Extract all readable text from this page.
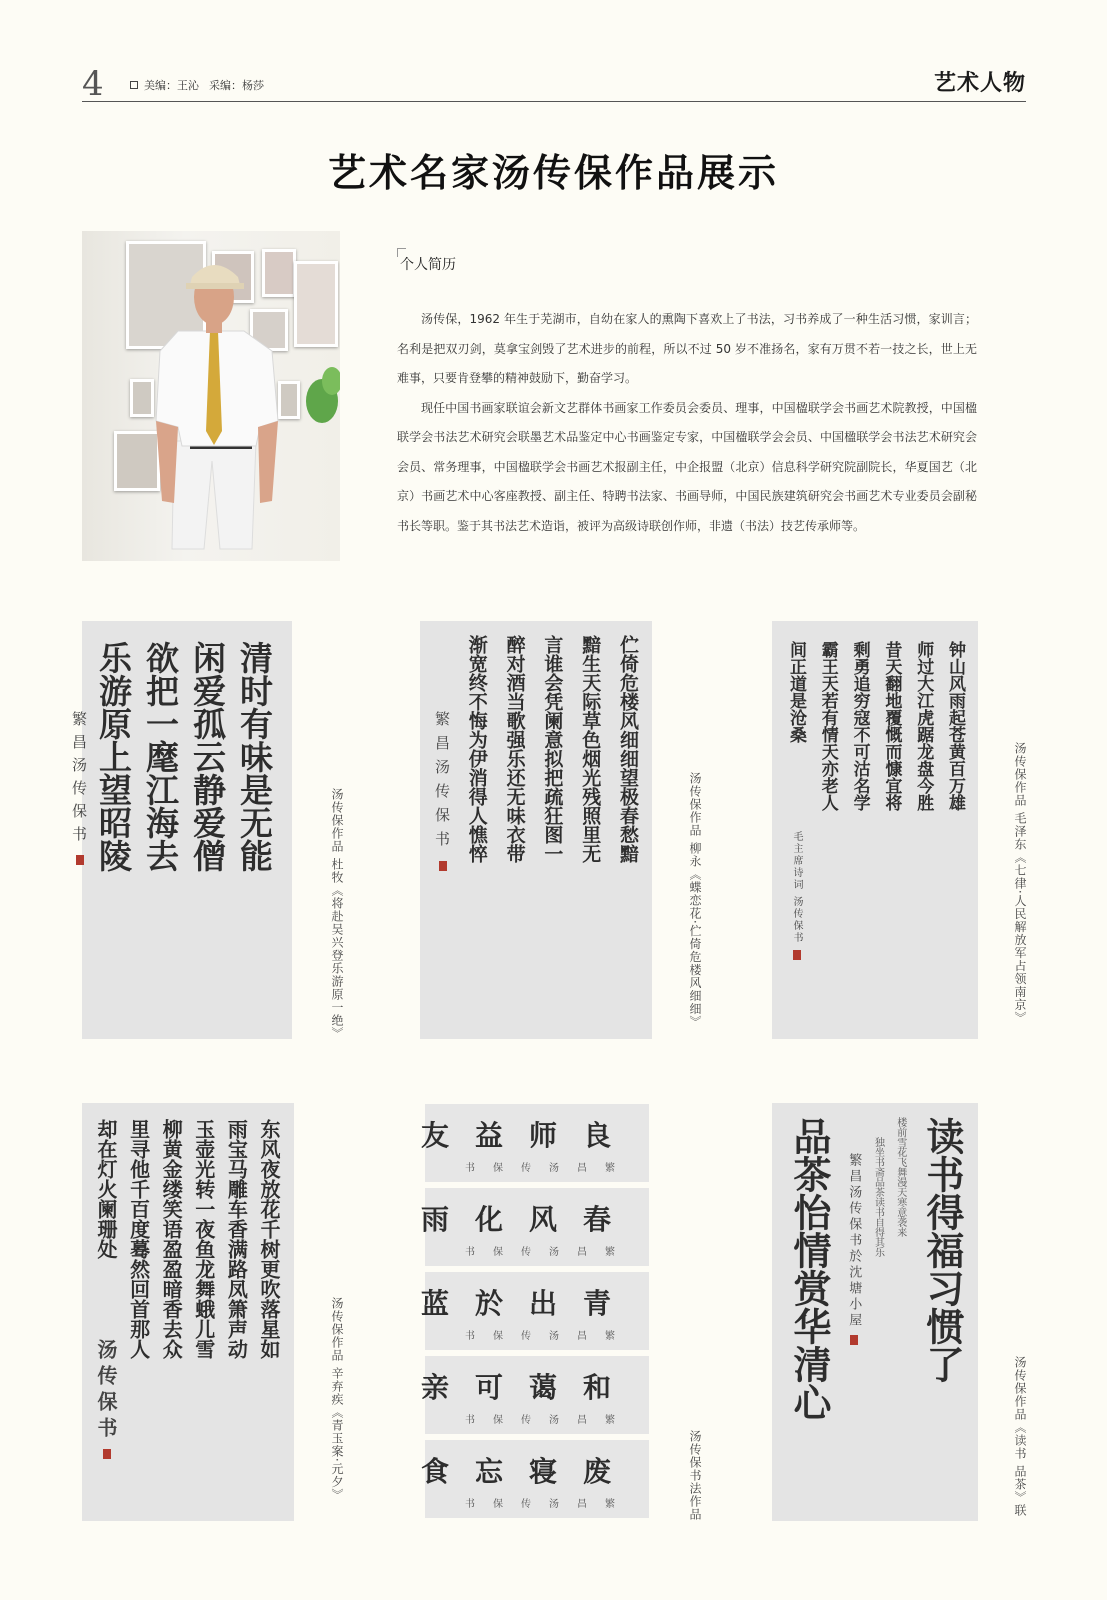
4	美编：王沁 采编：杨莎	艺术人物
艺术名家汤传保作品展示
个人简历

汤传保，1962 年生于芜湖市，自幼在家人的熏陶下喜欢上了书法，习书养成了一种生活习惯，家训言；名利是把双刃剑，莫拿宝剑毁了艺术进步的前程，所以不过 50 岁不准扬名，家有万贯不若一技之长，世上无难事，只要肯登攀的精神鼓励下，勤奋学习。

现任中国书画家联谊会新文艺群体书画家工作委员会委员、理事，中国楹联学会书画艺术院教授，中国楹联学会书法艺术研究会联墨艺术品鉴定中心书画鉴定专家，中国楹联学会会员、中国楹联学会书法艺术研究会会员、常务理事，中国楹联学会书画艺术报副主任，中企报盟（北京）信息科学研究院副院长，华夏国艺（北京）书画艺术中心客座教授、副主任、特聘书法家、书画导师，中国民族建筑研究会书画艺术专业委员会副秘书长等职。鉴于其书法艺术造诣，被评为高级诗联创作师，非遗（书法）技艺传承师等。

清时有味是无能
闲爱孤云静爱僧
欲把一麾江海去
乐游原上望昭陵
繁昌汤传保书
汤传保作品 杜牧《将赴吴兴登乐游原一绝》
伫倚危楼风细细望极春愁黯
黯生天际草色烟光残照里无
言谁会凭阑意拟把疏狂图一
醉对酒当歌强乐还无味衣带
渐宽终不悔为伊消得人憔悴
繁昌汤传保书	汤传保作品 柳永《蝶恋花·伫倚危楼风细细》
钟山风雨起苍黄百万雄
师过大江虎踞龙盘今胜
昔天翻地覆慨而慷宜将
剩勇追穷寇不可沽名学
霸王天若有情天亦老人
间正道是沧桑
毛主席诗词 汤传保书	汤传保作品 毛泽东《七律·人民解放军占领南京》
东风夜放花千树更吹落星如
雨宝马雕车香满路凤箫声动
玉壶光转一夜鱼龙舞蛾儿雪
柳黄金缕笑语盈盈暗香去众
里寻他千百度蓦然回首那人
却在灯火阑珊处
汤传保书	汤传保作品 辛弃疾《青玉案·元夕》
良师益友
繁昌汤传保书
春风化雨
繁昌汤传保书
青出於蓝
繁昌汤传保书
和蔼可亲
繁昌汤传保书
废寝忘食
繁昌汤传保书	汤传保书法作品
读书得福习惯了
楼前雪花飞舞漫天寒意袭来
独坐书斋品茶读书自得其乐
繁昌汤传保书於沈塘小屋
品茶怡情赏华清心
汤传保作品《读书 品茶》联
